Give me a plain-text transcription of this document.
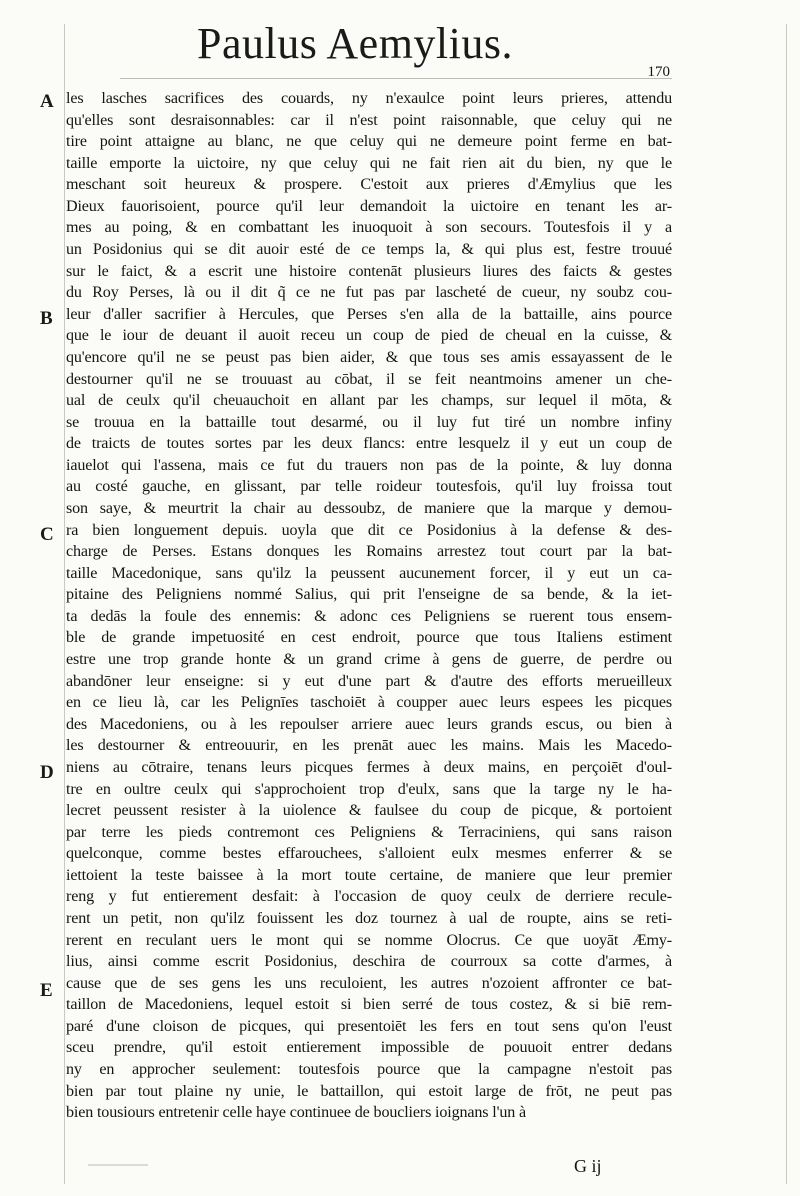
Paulus Aemylius.
170
A
B
C
D
E
les lasches sacrifices des couards, ny n'exaulce point leurs prieres, attendu
qu'elles sont desraisonnables: car il n'est point raisonnable, que celuy qui ne
tire point attaigne au blanc, ne que celuy qui ne demeure point ferme en bat-
taille emporte la uictoire, ny que celuy qui ne fait rien ait du bien, ny que le
meschant soit heureux & prospere. C'estoit aux prieres d'Æmylius que les
Dieux fauorisoient, pource qu'il leur demandoit la uictoire en tenant les ar-
mes au poing, & en combattant les inuoquoit à son secours. Toutesfois il y a
un Posidonius qui se dit auoir esté de ce temps la, & qui plus est, festre trouué
sur le faict, & a escrit une histoire contenāt plusieurs liures des faicts & gestes
du Roy Perses, là ou il dit q̃ ce ne fut pas par lascheté de cueur, ny soubz cou-
leur d'aller sacrifier à Hercules, que Perses s'en alla de la battaille, ains pource
que le iour de deuant il auoit receu un coup de pied de cheual en la cuisse, &
qu'encore qu'il ne se peust pas bien aider, & que tous ses amis essayassent de le
destourner qu'il ne se trouuast au cōbat, il se feit neantmoins amener un che-
ual de ceulx qu'il cheuauchoit en allant par les champs, sur lequel il mōta, &
se trouua en la battaille tout desarmé, ou il luy fut tiré un nombre infiny
de traicts de toutes sortes par les deux flancs: entre lesquelz il y eut un coup de
iauelot qui l'assena, mais ce fut du trauers non pas de la pointe, & luy donna
au costé gauche, en glissant, par telle roideur toutesfois, qu'il luy froissa tout
son saye, & meurtrit la chair au dessoubz, de maniere que la marque y demou-
ra bien longuement depuis. uoyla que dit ce Posidonius à la defense & des-
charge de Perses. Estans donques les Romains arrestez tout court par la bat-
taille Macedonique, sans qu'ilz la peussent aucunement forcer, il y eut un ca-
pitaine des Peligniens nommé Salius, qui prit l'enseigne de sa bende, & la iet-
ta dedās la foule des ennemis: & adonc ces Peligniens se ruerent tous ensem-
ble de grande impetuosité en cest endroit, pource que tous Italiens estiment
estre une trop grande honte & un grand crime à gens de guerre, de perdre ou
abandōner leur enseigne: si y eut d'une part & d'autre des efforts merueilleux
en ce lieu là, car les Pelignīes taschoiēt à coupper auec leurs espees les picques
des Macedoniens, ou à les repoulser arriere auec leurs grands escus, ou bien à
les destourner & entreouurir, en les prenāt auec les mains. Mais les Macedo-
niens au cōtraire, tenans leurs picques fermes à deux mains, en perçoiēt d'oul-
tre en oultre ceulx qui s'approchoient trop d'eulx, sans que la targe ny le ha-
lecret peussent resister à la uiolence & faulsee du coup de picque, & portoient
par terre les pieds contremont ces Peligniens & Terraciniens, qui sans raison
quelconque, comme bestes effarouchees, s'alloient eulx mesmes enferrer & se
iettoient la teste baissee à la mort toute certaine, de maniere que leur premier
reng y fut entierement desfait: à l'occasion de quoy ceulx de derriere recule-
rent un petit, non qu'ilz fouissent les doz tournez à ual de roupte, ains se reti-
rerent en reculant uers le mont qui se nomme Olocrus. Ce que uoyāt Æmy-
lius, ainsi comme escrit Posidonius, deschira de courroux sa cotte d'armes, à
cause que de ses gens les uns reculoient, les autres n'ozoient affronter ce bat-
taillon de Macedoniens, lequel estoit si bien serré de tous costez, & si biē rem-
paré d'une cloison de picques, qui presentoiēt les fers en tout sens qu'on l'eust
sceu prendre, qu'il estoit entierement impossible de pouuoit entrer dedans
ny en approcher seulement: toutesfois pource que la campagne n'estoit pas
bien par tout plaine ny unie, le battaillon, qui estoit large de frōt, ne peut pas
bien tousiours entretenir celle haye continuee de boucliers ioignans l'un à
G ij
